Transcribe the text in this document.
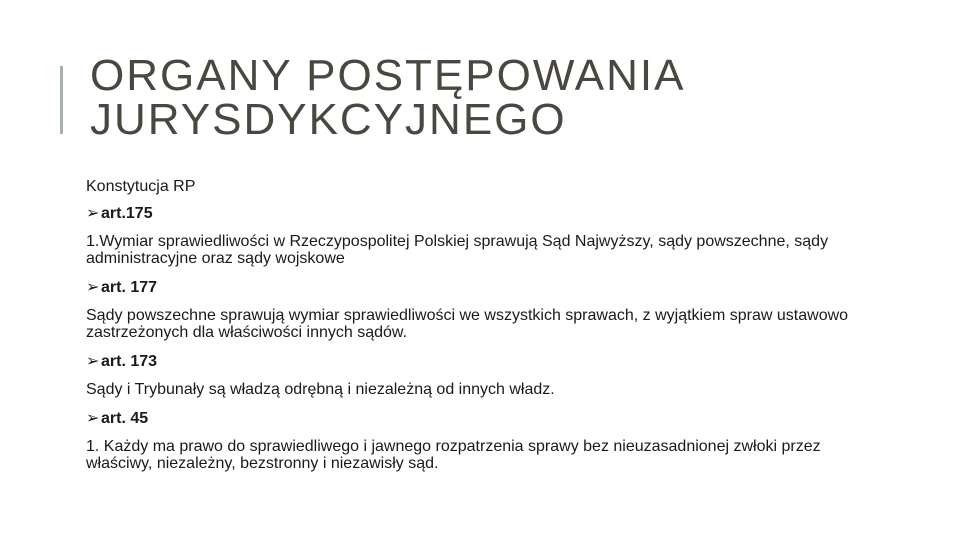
ORGANY POSTĘPOWANIA
JURYSDYKCYJNEGO

Konstytucja RP

➢ art.175

1.Wymiar sprawiedliwości w Rzeczypospolitej Polskiej sprawują Sąd Najwyższy, sądy powszechne, sądy administracyjne oraz sądy wojskowe

➢ art. 177

Sądy powszechne sprawują wymiar sprawiedliwości we wszystkich sprawach, z wyjątkiem spraw ustawowo zastrzeżonych dla właściwości innych sądów.

➢ art. 173

Sądy i Trybunały są władzą odrębną i niezależną od innych władz.

➢ art. 45

1. Każdy ma prawo do sprawiedliwego i jawnego rozpatrzenia sprawy bez nieuzasadnionej zwłoki przez właściwy, niezależny, bezstronny i niezawisły sąd.
